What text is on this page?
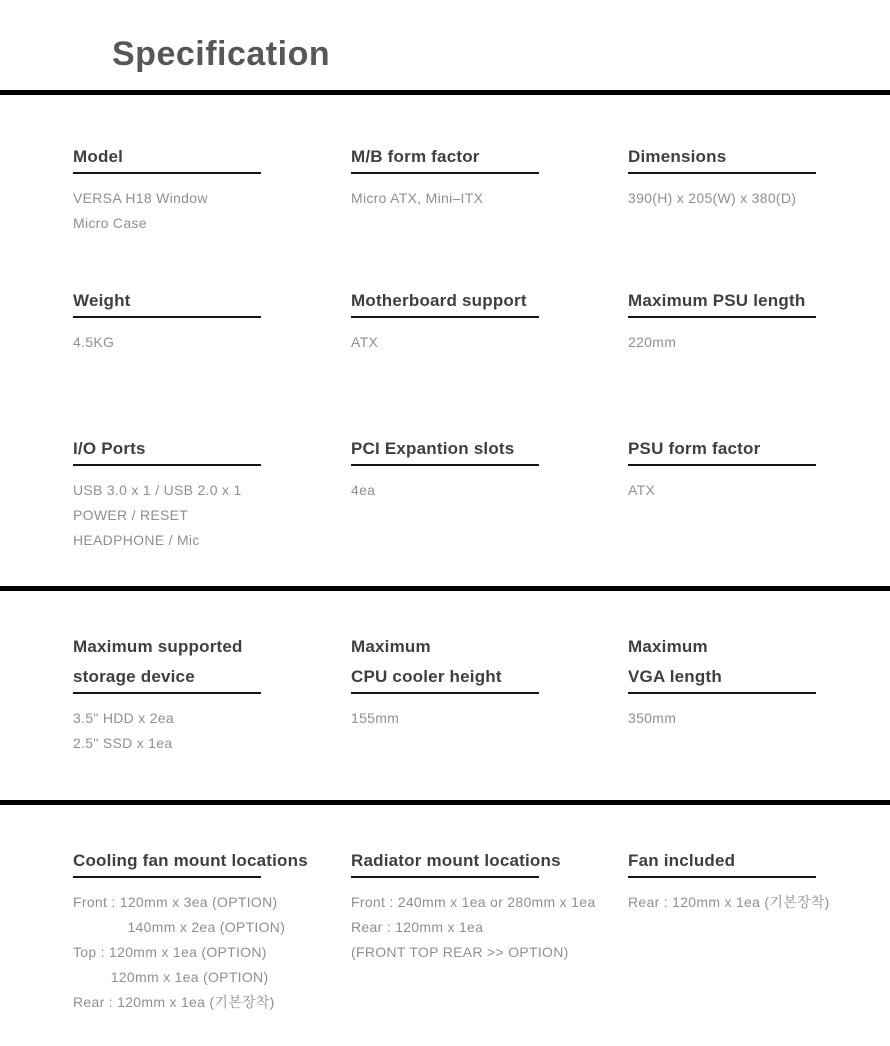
Specification
Model
VERSA H18 Window
Micro Case
M/B form factor
Micro ATX, Mini–ITX
Dimensions
390(H) x 205(W) x 380(D)
Weight
4.5KG
Motherboard support
ATX
Maximum PSU length
220mm
I/O Ports
USB 3.0 x 1 / USB 2.0 x 1
POWER / RESET
HEADPHONE / Mic
PCI Expantion slots
4ea
PSU form factor
ATX
Maximum supported
storage device
3.5" HDD x 2ea
2.5" SSD x 1ea
Maximum
CPU cooler height
155mm
Maximum
VGA length
350mm
Cooling fan mount locations
Front : 120mm x 3ea (OPTION)
140mm x 2ea (OPTION)
Top : 120mm x 1ea (OPTION)
120mm x 1ea (OPTION)
Rear : 120mm x 1ea (기본장착)
Radiator mount locations
Front : 240mm x 1ea or 280mm x 1ea
Rear : 120mm x 1ea
(FRONT TOP REAR >> OPTION)
Fan included
Rear : 120mm x 1ea (기본장착)
